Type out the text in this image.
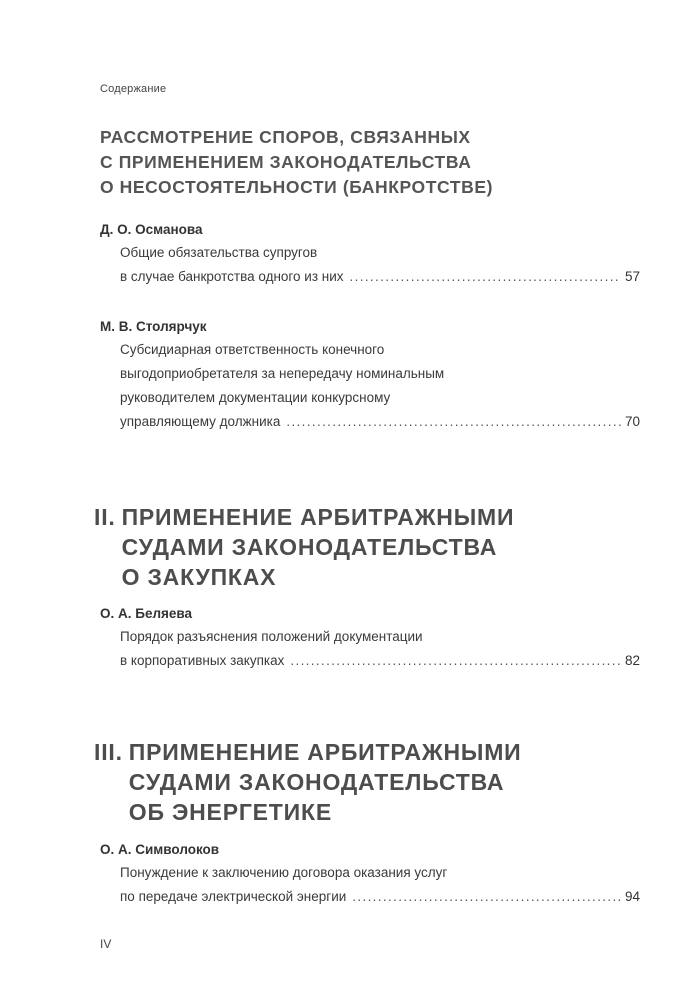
Содержание
РАССМОТРЕНИЕ СПОРОВ, СВЯЗАННЫХ
С ПРИМЕНЕНИЕМ ЗАКОНОДАТЕЛЬСТВА
О НЕСОСТОЯТЕЛЬНОСТИ (БАНКРОТСТВЕ)
Д. О. Османова
Общие обязательства супругов
в случае банкротства одного из них . . .	57
М. В. Столярчук
Субсидиарная ответственность конечного
выгодоприобретателя за непередачу номинальным
руководителем документации конкурсному
управляющему должника . . .	70
II. ПРИМЕНЕНИЕ АРБИТРАЖНЫМИ
СУДАМИ ЗАКОНОДАТЕЛЬСТВА
О ЗАКУПКАХ
О. А. Беляева
Порядок разъяснения положений документации
в корпоративных закупках . . .	82
III. ПРИМЕНЕНИЕ АРБИТРАЖНЫМИ
СУДАМИ ЗАКОНОДАТЕЛЬСТВА
ОБ ЭНЕРГЕТИКЕ
О. А. Символоков
Понуждение к заключению договора оказания услуг
по передаче электрической энергии . . .	94
IV
